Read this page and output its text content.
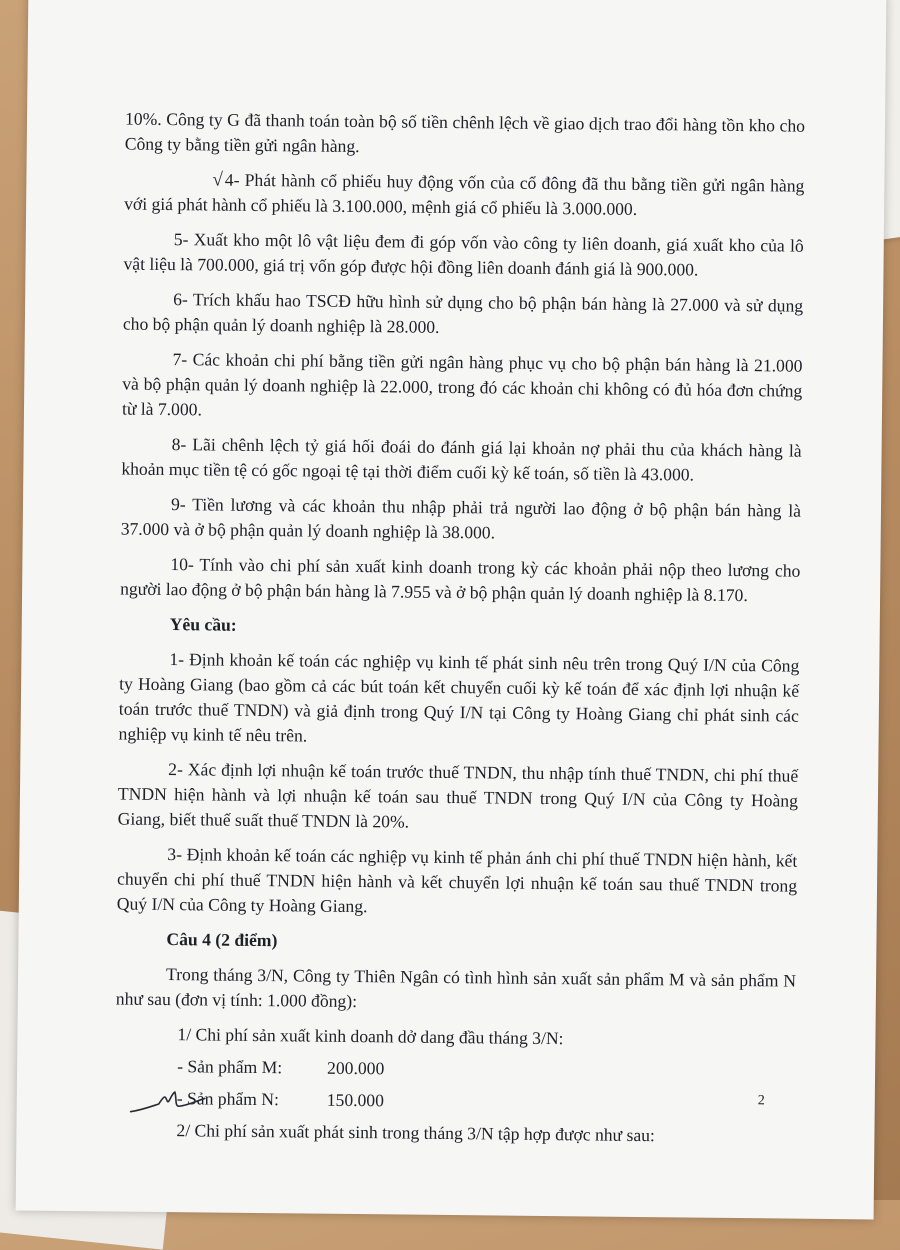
10%. Công ty G đã thanh toán toàn bộ số tiền chênh lệch về giao dịch trao đổi hàng tồn kho cho Công ty bằng tiền gửi ngân hàng.

√ 4- Phát hành cổ phiếu huy động vốn của cổ đông đã thu bằng tiền gửi ngân hàng với giá phát hành cổ phiếu là 3.100.000, mệnh giá cổ phiếu là 3.000.000.

5- Xuất kho một lô vật liệu đem đi góp vốn vào công ty liên doanh, giá xuất kho của lô vật liệu là 700.000, giá trị vốn góp được hội đồng liên doanh đánh giá là 900.000.

6- Trích khấu hao TSCĐ hữu hình sử dụng cho bộ phận bán hàng là 27.000 và sử dụng cho bộ phận quản lý doanh nghiệp là 28.000.

7- Các khoản chi phí bằng tiền gửi ngân hàng phục vụ cho bộ phận bán hàng là 21.000 và bộ phận quản lý doanh nghiệp là 22.000, trong đó các khoản chi không có đủ hóa đơn chứng từ là 7.000.

8- Lãi chênh lệch tỷ giá hối đoái do đánh giá lại khoản nợ phải thu của khách hàng là khoản mục tiền tệ có gốc ngoại tệ tại thời điểm cuối kỳ kế toán, số tiền là 43.000.

9- Tiền lương và các khoản thu nhập phải trả người lao động ở bộ phận bán hàng là 37.000 và ở bộ phận quản lý doanh nghiệp là 38.000.

10- Tính vào chi phí sản xuất kinh doanh trong kỳ các khoản phải nộp theo lương cho người lao động ở bộ phận bán hàng là 7.955 và ở bộ phận quản lý doanh nghiệp là 8.170.

Yêu cầu:

1- Định khoản kế toán các nghiệp vụ kinh tế phát sinh nêu trên trong Quý I/N của Công ty Hoàng Giang (bao gồm cả các bút toán kết chuyển cuối kỳ kế toán để xác định lợi nhuận kế toán trước thuế TNDN) và giả định trong Quý I/N tại Công ty Hoàng Giang chỉ phát sinh các nghiệp vụ kinh tế nêu trên.

2- Xác định lợi nhuận kế toán trước thuế TNDN, thu nhập tính thuế TNDN, chi phí thuế TNDN hiện hành và lợi nhuận kế toán sau thuế TNDN trong Quý I/N của Công ty Hoàng Giang, biết thuế suất thuế TNDN là 20%.

3- Định khoản kế toán các nghiệp vụ kinh tế phản ánh chi phí thuế TNDN hiện hành, kết chuyển chi phí thuế TNDN hiện hành và kết chuyển lợi nhuận kế toán sau thuế TNDN trong Quý I/N của Công ty Hoàng Giang.

Câu 4 (2 điểm)

Trong tháng 3/N, Công ty Thiên Ngân có tình hình sản xuất sản phẩm M và sản phẩm N như sau (đơn vị tính: 1.000 đồng):

1/ Chi phí sản xuất kinh doanh dở dang đầu tháng 3/N:

- Sản phẩm M:	200.000
- Sản phẩm N:	150.000

2/ Chi phí sản xuất phát sinh trong tháng 3/N tập hợp được như sau:

2
